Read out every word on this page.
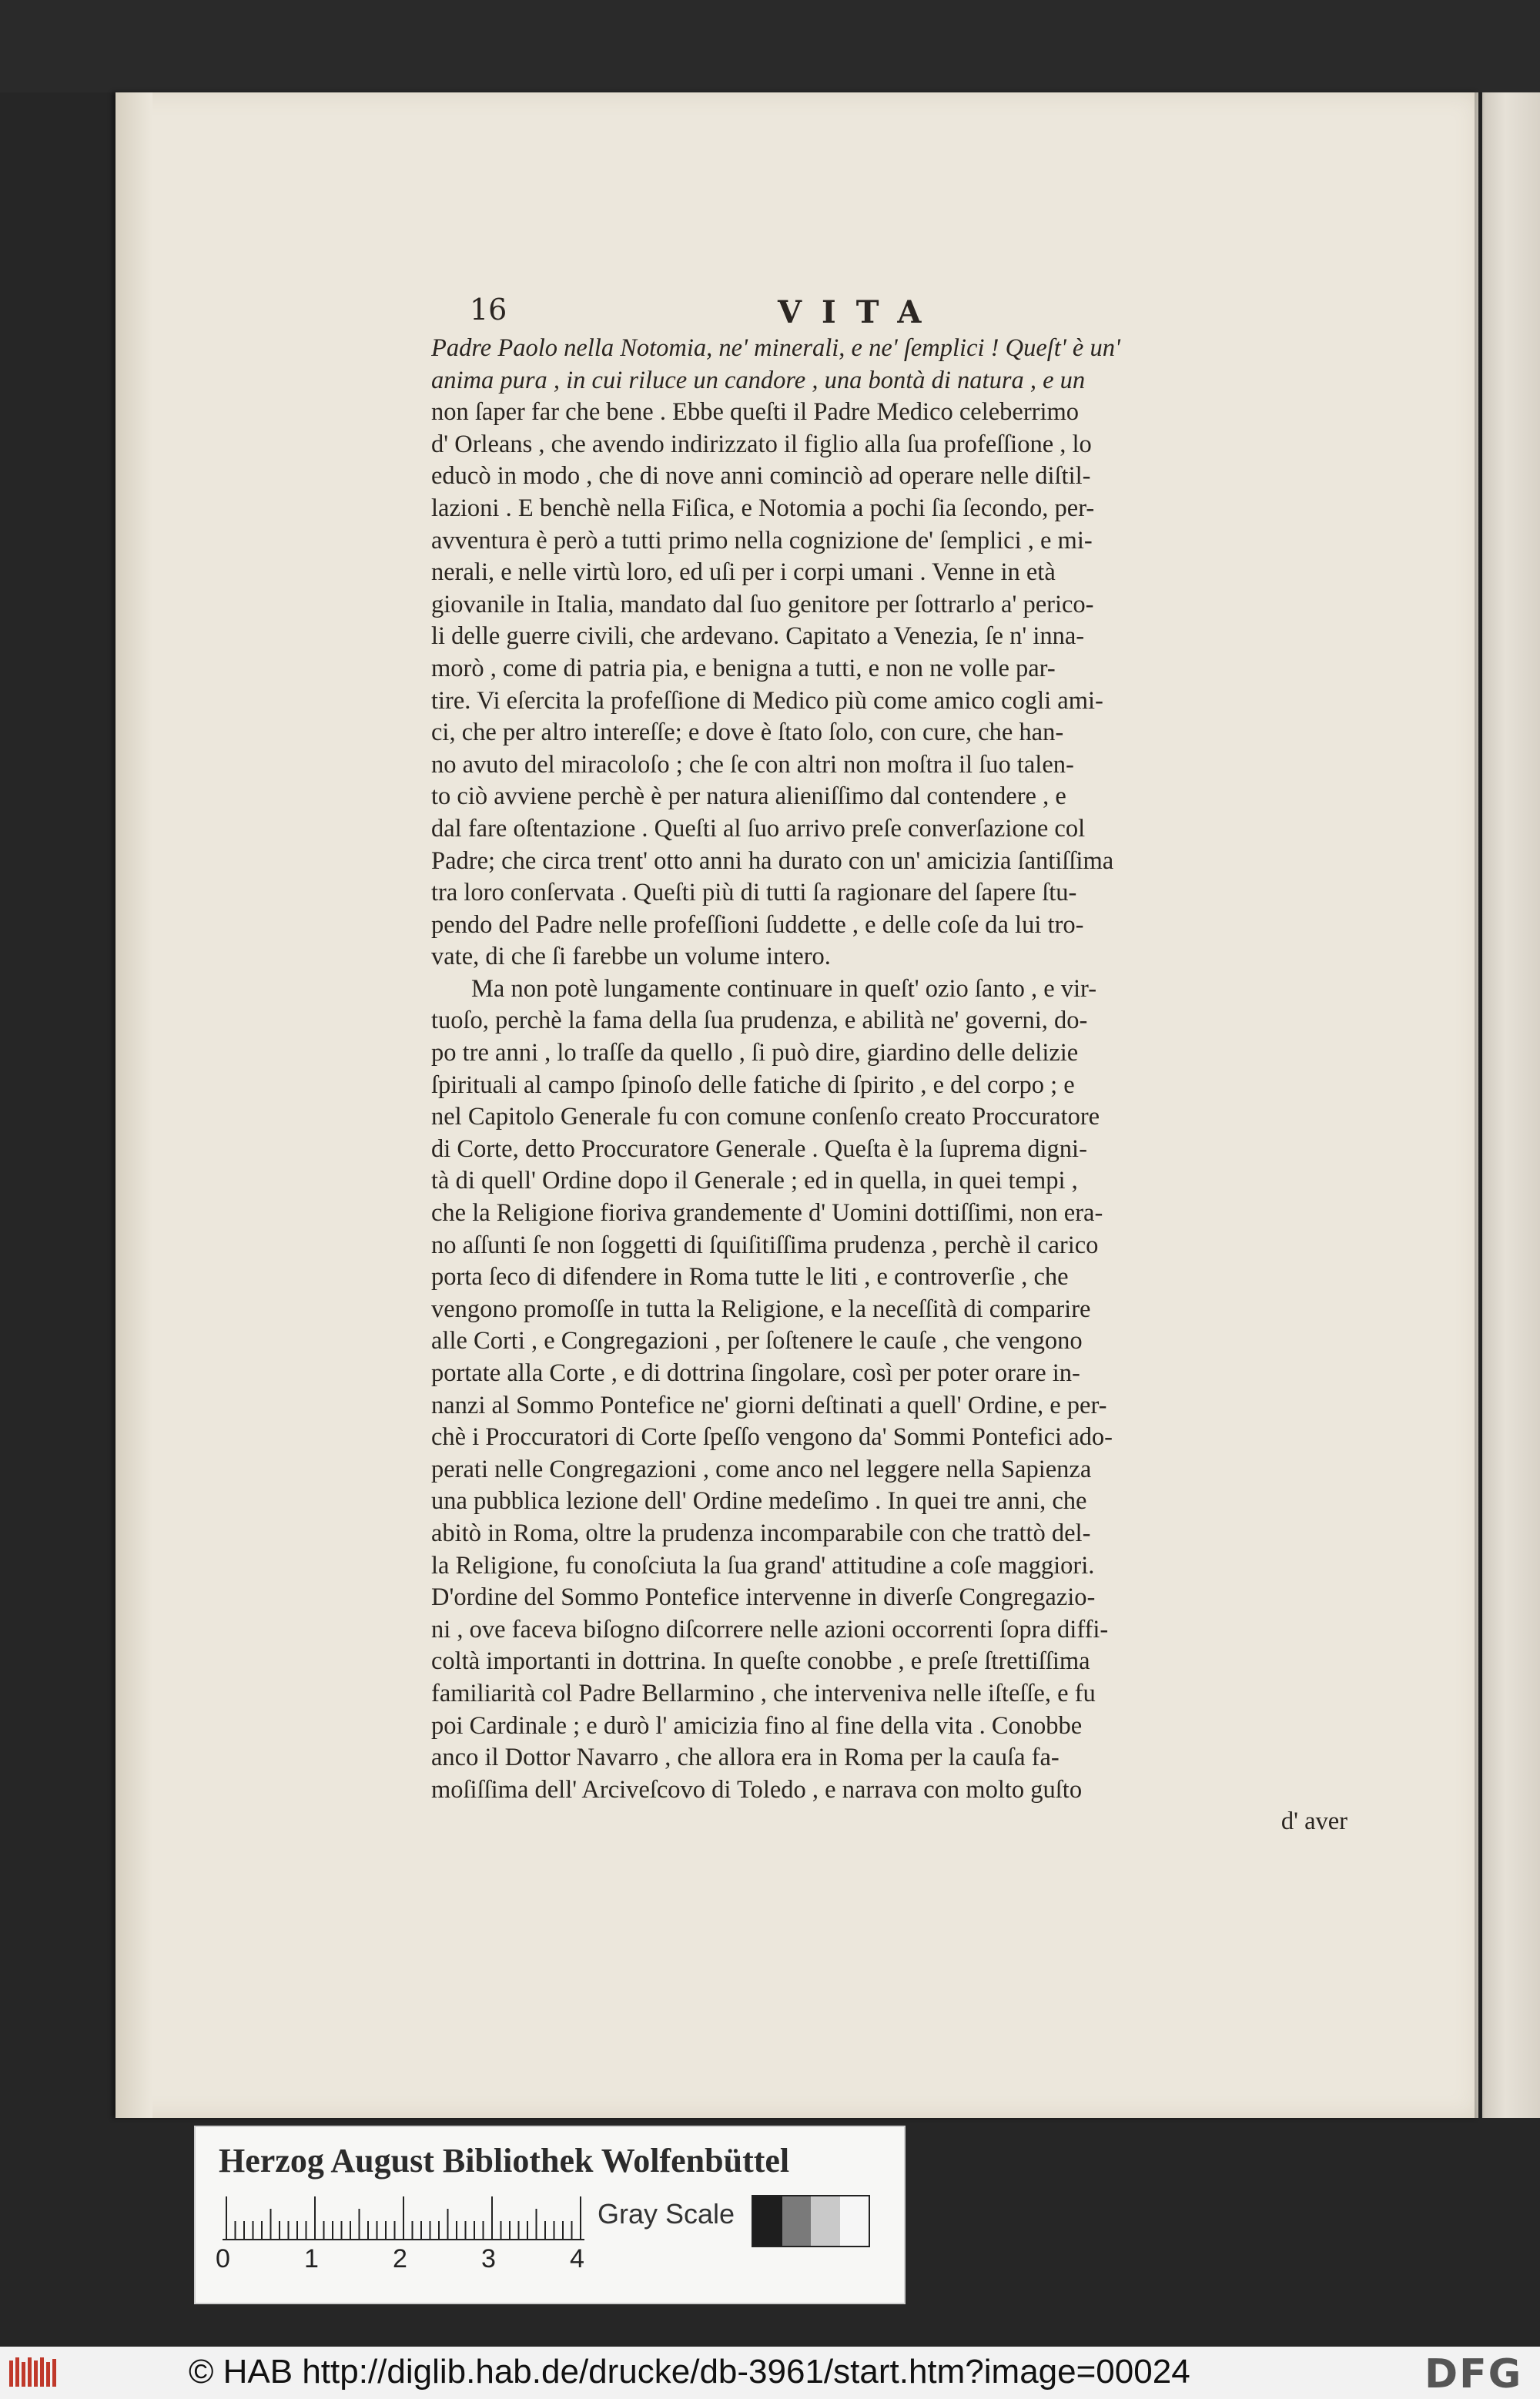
16	VITA
Padre Paolo nella Notomia, ne' minerali, e ne' ſemplici ! Queſt' è un'
anima pura , in cui riluce un candore , una bontà di natura , e un
non ſaper far che bene . Ebbe queſti il Padre Medico celeberrimo
d' Orleans , che avendo indirizzato il figlio alla ſua profeſſione , lo
educò in modo , che di nove anni cominciò ad operare nelle diſtil-
lazioni . E benchè nella Fiſica, e Notomia a pochi ſia ſecondo, per-
avventura è però a tutti primo nella cognizione de' ſemplici , e mi-
nerali, e nelle virtù loro, ed uſi per i corpi umani . Venne in età
giovanile in Italia, mandato dal ſuo genitore per ſottrarlo a' perico-
li delle guerre civili, che ardevano. Capitato a Venezia, ſe n' inna-
morò , come di patria pia, e benigna a tutti, e non ne volle par-
tire. Vi eſercita la profeſſione di Medico più come amico cogli ami-
ci, che per altro intereſſe; e dove è ſtato ſolo, con cure, che han-
no avuto del miracoloſo ; che ſe con altri non moſtra il ſuo talen-
to ciò avviene perchè è per natura alieniſſimo dal contendere , e
dal fare oſtentazione . Queſti al ſuo arrivo preſe converſazione col
Padre; che circa trent' otto anni ha durato con un' amicizia ſantiſſima
tra loro conſervata . Queſti più di tutti ſa ragionare del ſapere ſtu-
pendo del Padre nelle profeſſioni ſuddette , e delle coſe da lui tro-
vate, di che ſi farebbe un volume intero.
Ma non potè lungamente continuare in queſt' ozio ſanto , e vir-
tuoſo, perchè la fama della ſua prudenza, e abilità ne' governi, do-
po tre anni , lo traſſe da quello , ſi può dire, giardino delle delizie
ſpirituali al campo ſpinoſo delle fatiche di ſpirito , e del corpo ; e
nel Capitolo Generale fu con comune conſenſo creato Proccuratore
di Corte, detto Proccuratore Generale . Queſta è la ſuprema digni-
tà di quell' Ordine dopo il Generale ; ed in quella, in quei tempi ,
che la Religione fioriva grandemente d' Uomini dottiſſimi, non era-
no aſſunti ſe non ſoggetti di ſquiſitiſſima prudenza , perchè il carico
porta ſeco di difendere in Roma tutte le liti , e controverſie , che
vengono promoſſe in tutta la Religione, e la neceſſità di comparire
alle Corti , e Congregazioni , per ſoſtenere le cauſe , che vengono
portate alla Corte , e di dottrina ſingolare, così per poter orare in-
nanzi al Sommo Pontefice ne' giorni deſtinati a quell' Ordine, e per-
chè i Proccuratori di Corte ſpeſſo vengono da' Sommi Pontefici ado-
perati nelle Congregazioni , come anco nel leggere nella Sapienza
una pubblica lezione dell' Ordine medeſimo . In quei tre anni, che
abitò in Roma, oltre la prudenza incomparabile con che trattò del-
la Religione, fu conoſciuta la ſua grand' attitudine a coſe maggiori.
D'ordine del Sommo Pontefice intervenne in diverſe Congregazio-
ni , ove faceva biſogno diſcorrere nelle azioni occorrenti ſopra diffi-
coltà importanti in dottrina. In queſte conobbe , e preſe ſtrettiſſima
familiarità col Padre Bellarmino , che interveniva nelle iſteſſe, e fu
poi Cardinale ; e durò l' amicizia fino al fine della vita . Conobbe
anco il Dottor Navarro , che allora era in Roma per la cauſa fa-
moſiſſima dell' Arciveſcovo di Toledo , e narrava con molto guſto
d' aver
Herzog August Bibliothek Wolfenbüttel
0	1	2	3	4
Gray Scale
© HAB http://diglib.hab.de/drucke/db-3961/start.htm?image=00024	DFG
